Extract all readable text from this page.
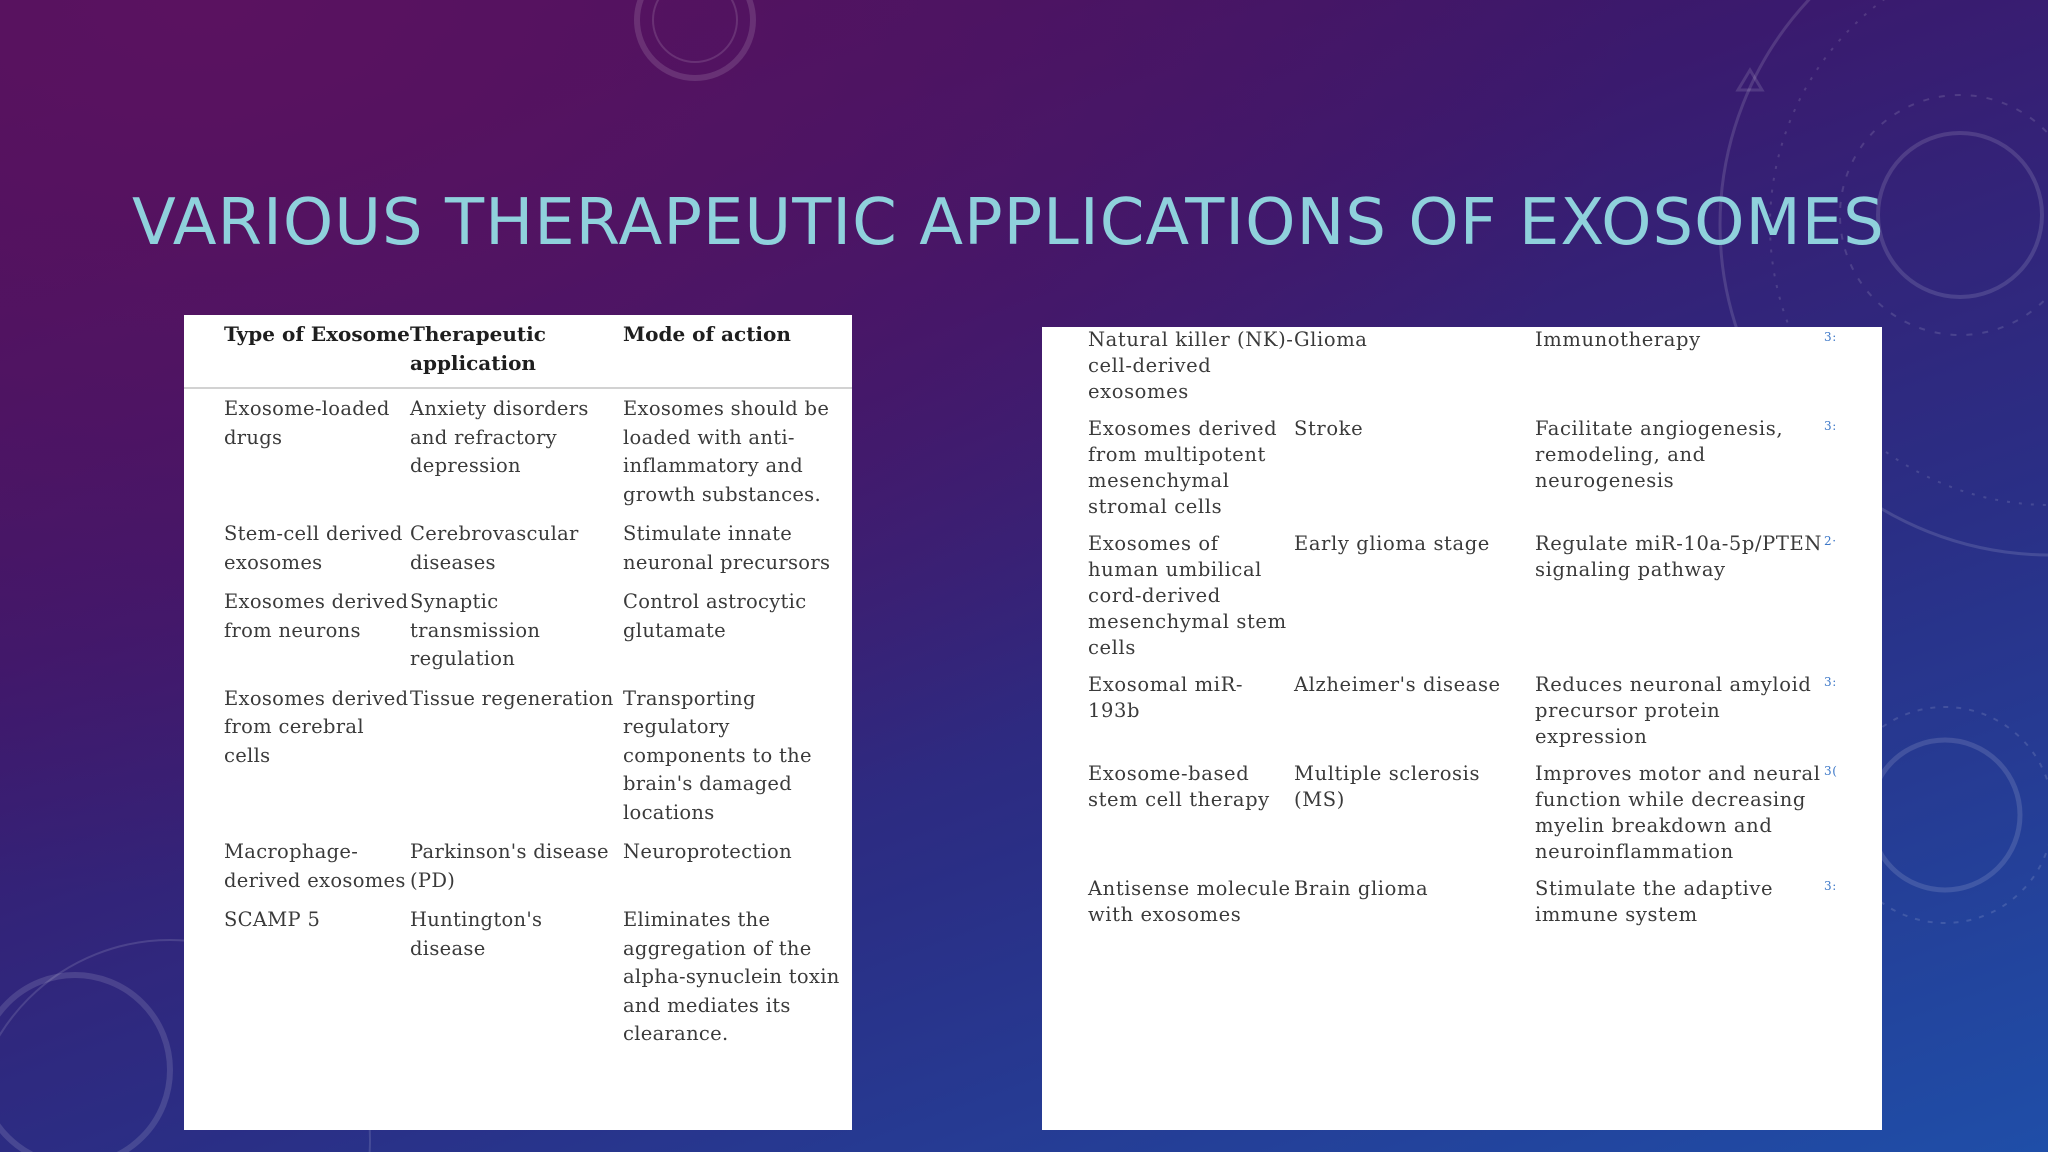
VARIOUS THERAPEUTIC APPLICATIONS OF EXOSOMES
Type of Exosome	Therapeutic application	Mode of action
Exosome-loaded drugs	Anxiety disorders and refractory depression	Exosomes should be loaded with anti-inflammatory and growth substances.
Stem-cell derived exosomes	Cerebrovascular diseases	Stimulate innate neuronal precursors
Exosomes derived from neurons	Synaptic transmission regulation	Control astrocytic glutamate
Exosomes derived from cerebral cells	Tissue regeneration	Transporting regulatory components to the brain's damaged locations
Macrophage-derived exosomes	Parkinson's disease (PD)	Neuroprotection
SCAMP 5	Huntington's disease	Eliminates the aggregation of the alpha-synuclein toxin and mediates its clearance.
Natural killer (NK)-cell-derived exosomes	Glioma	Immunotherapy	3:
Exosomes derived from multipotent mesenchymal stromal cells	Stroke	Facilitate angiogenesis, remodeling, and neurogenesis	3:
Exosomes of human umbilical cord-derived mesenchymal stem cells	Early glioma stage	Regulate miR-10a-5p/PTEN signaling pathway	2·
Exosomal miR-193b	Alzheimer's disease	Reduces neuronal amyloid precursor protein expression	3:
Exosome-based stem cell therapy	Multiple sclerosis (MS)	Improves motor and neural function while decreasing myelin breakdown and neuroinflammation	3(
Antisense molecule with exosomes	Brain glioma	Stimulate the adaptive immune system	3:
